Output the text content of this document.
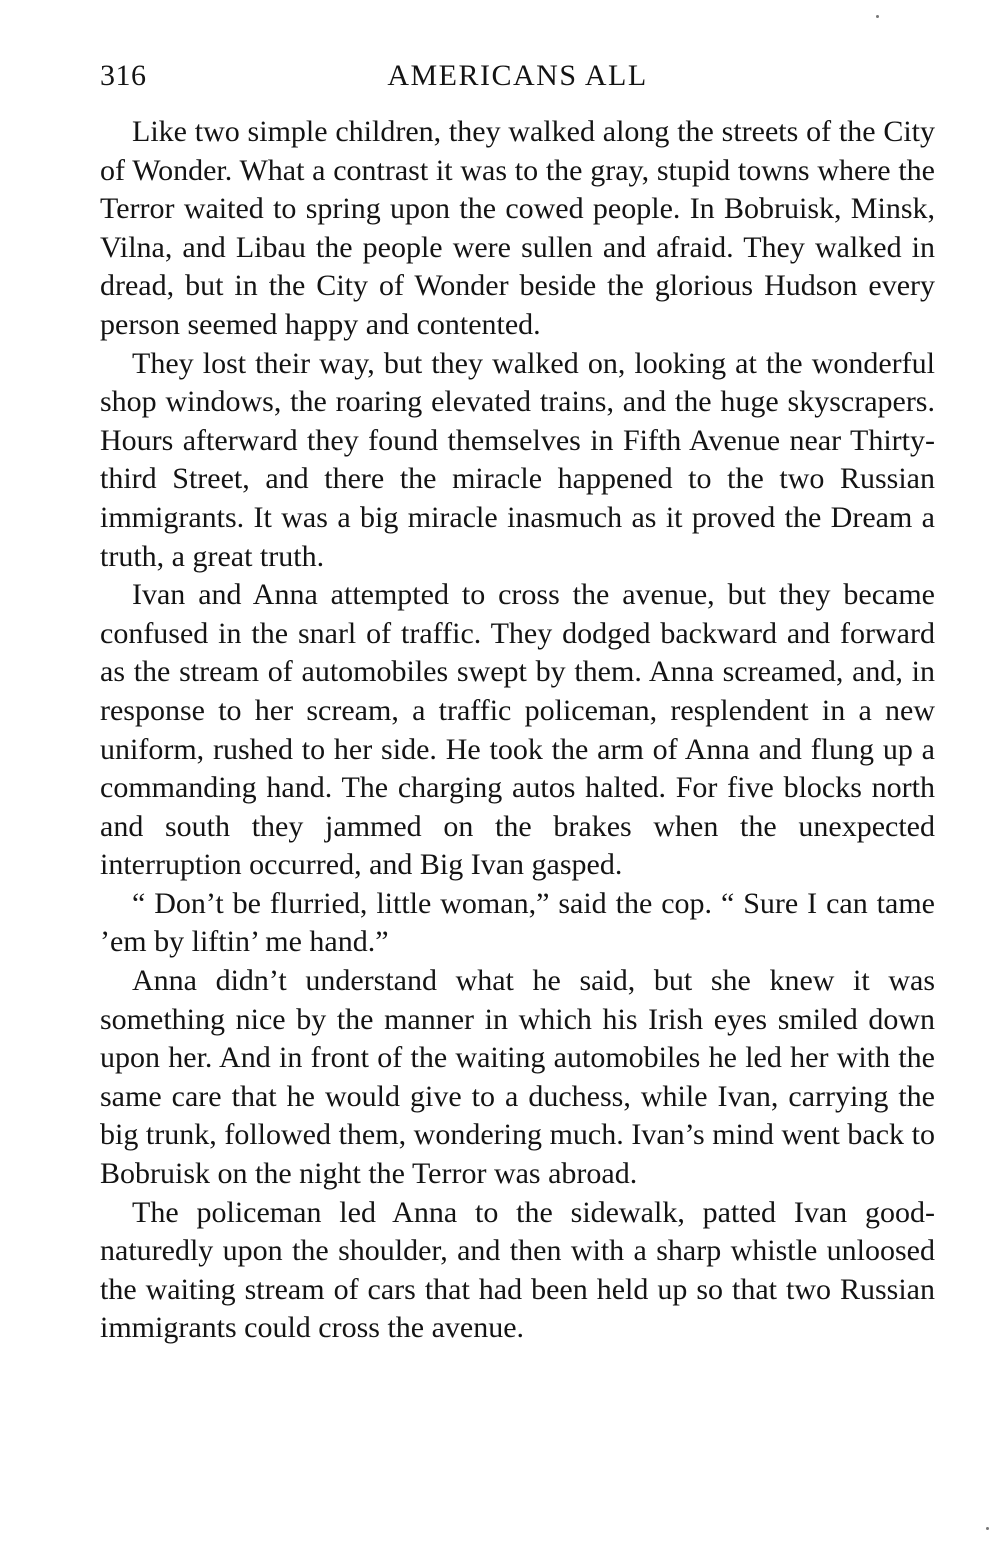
316	AMERICANS ALL

Like two simple children, they walked along the streets of the City of Wonder. What a contrast it was to the gray, stupid towns where the Terror waited to spring upon the cowed people. In Bobruisk, Minsk, Vilna, and Libau the people were sullen and afraid. They walked in dread, but in the City of Wonder beside the glorious Hudson every person seemed happy and contented.

They lost their way, but they walked on, looking at the wonderful shop windows, the roaring elevated trains, and the huge skyscrapers. Hours afterward they found themselves in Fifth Avenue near Thirty-third Street, and there the miracle happened to the two Russian immigrants. It was a big miracle inasmuch as it proved the Dream a truth, a great truth.

Ivan and Anna attempted to cross the avenue, but they became confused in the snarl of traffic. They dodged backward and forward as the stream of automobiles swept by them. Anna screamed, and, in response to her scream, a traffic policeman, resplendent in a new uniform, rushed to her side. He took the arm of Anna and flung up a commanding hand. The charging autos halted. For five blocks north and south they jammed on the brakes when the unexpected interruption occurred, and Big Ivan gasped.

“ Don’t be flurried, little woman,” said the cop. “ Sure I can tame ’em by liftin’ me hand.”

Anna didn’t understand what he said, but she knew it was something nice by the manner in which his Irish eyes smiled down upon her. And in front of the waiting automobiles he led her with the same care that he would give to a duchess, while Ivan, carrying the big trunk, followed them, wondering much. Ivan’s mind went back to Bobruisk on the night the Terror was abroad.

The policeman led Anna to the sidewalk, patted Ivan goodnaturedly upon the shoulder, and then with a sharp whistle unloosed the waiting stream of cars that had been held up so that two Russian immigrants could cross the avenue.
